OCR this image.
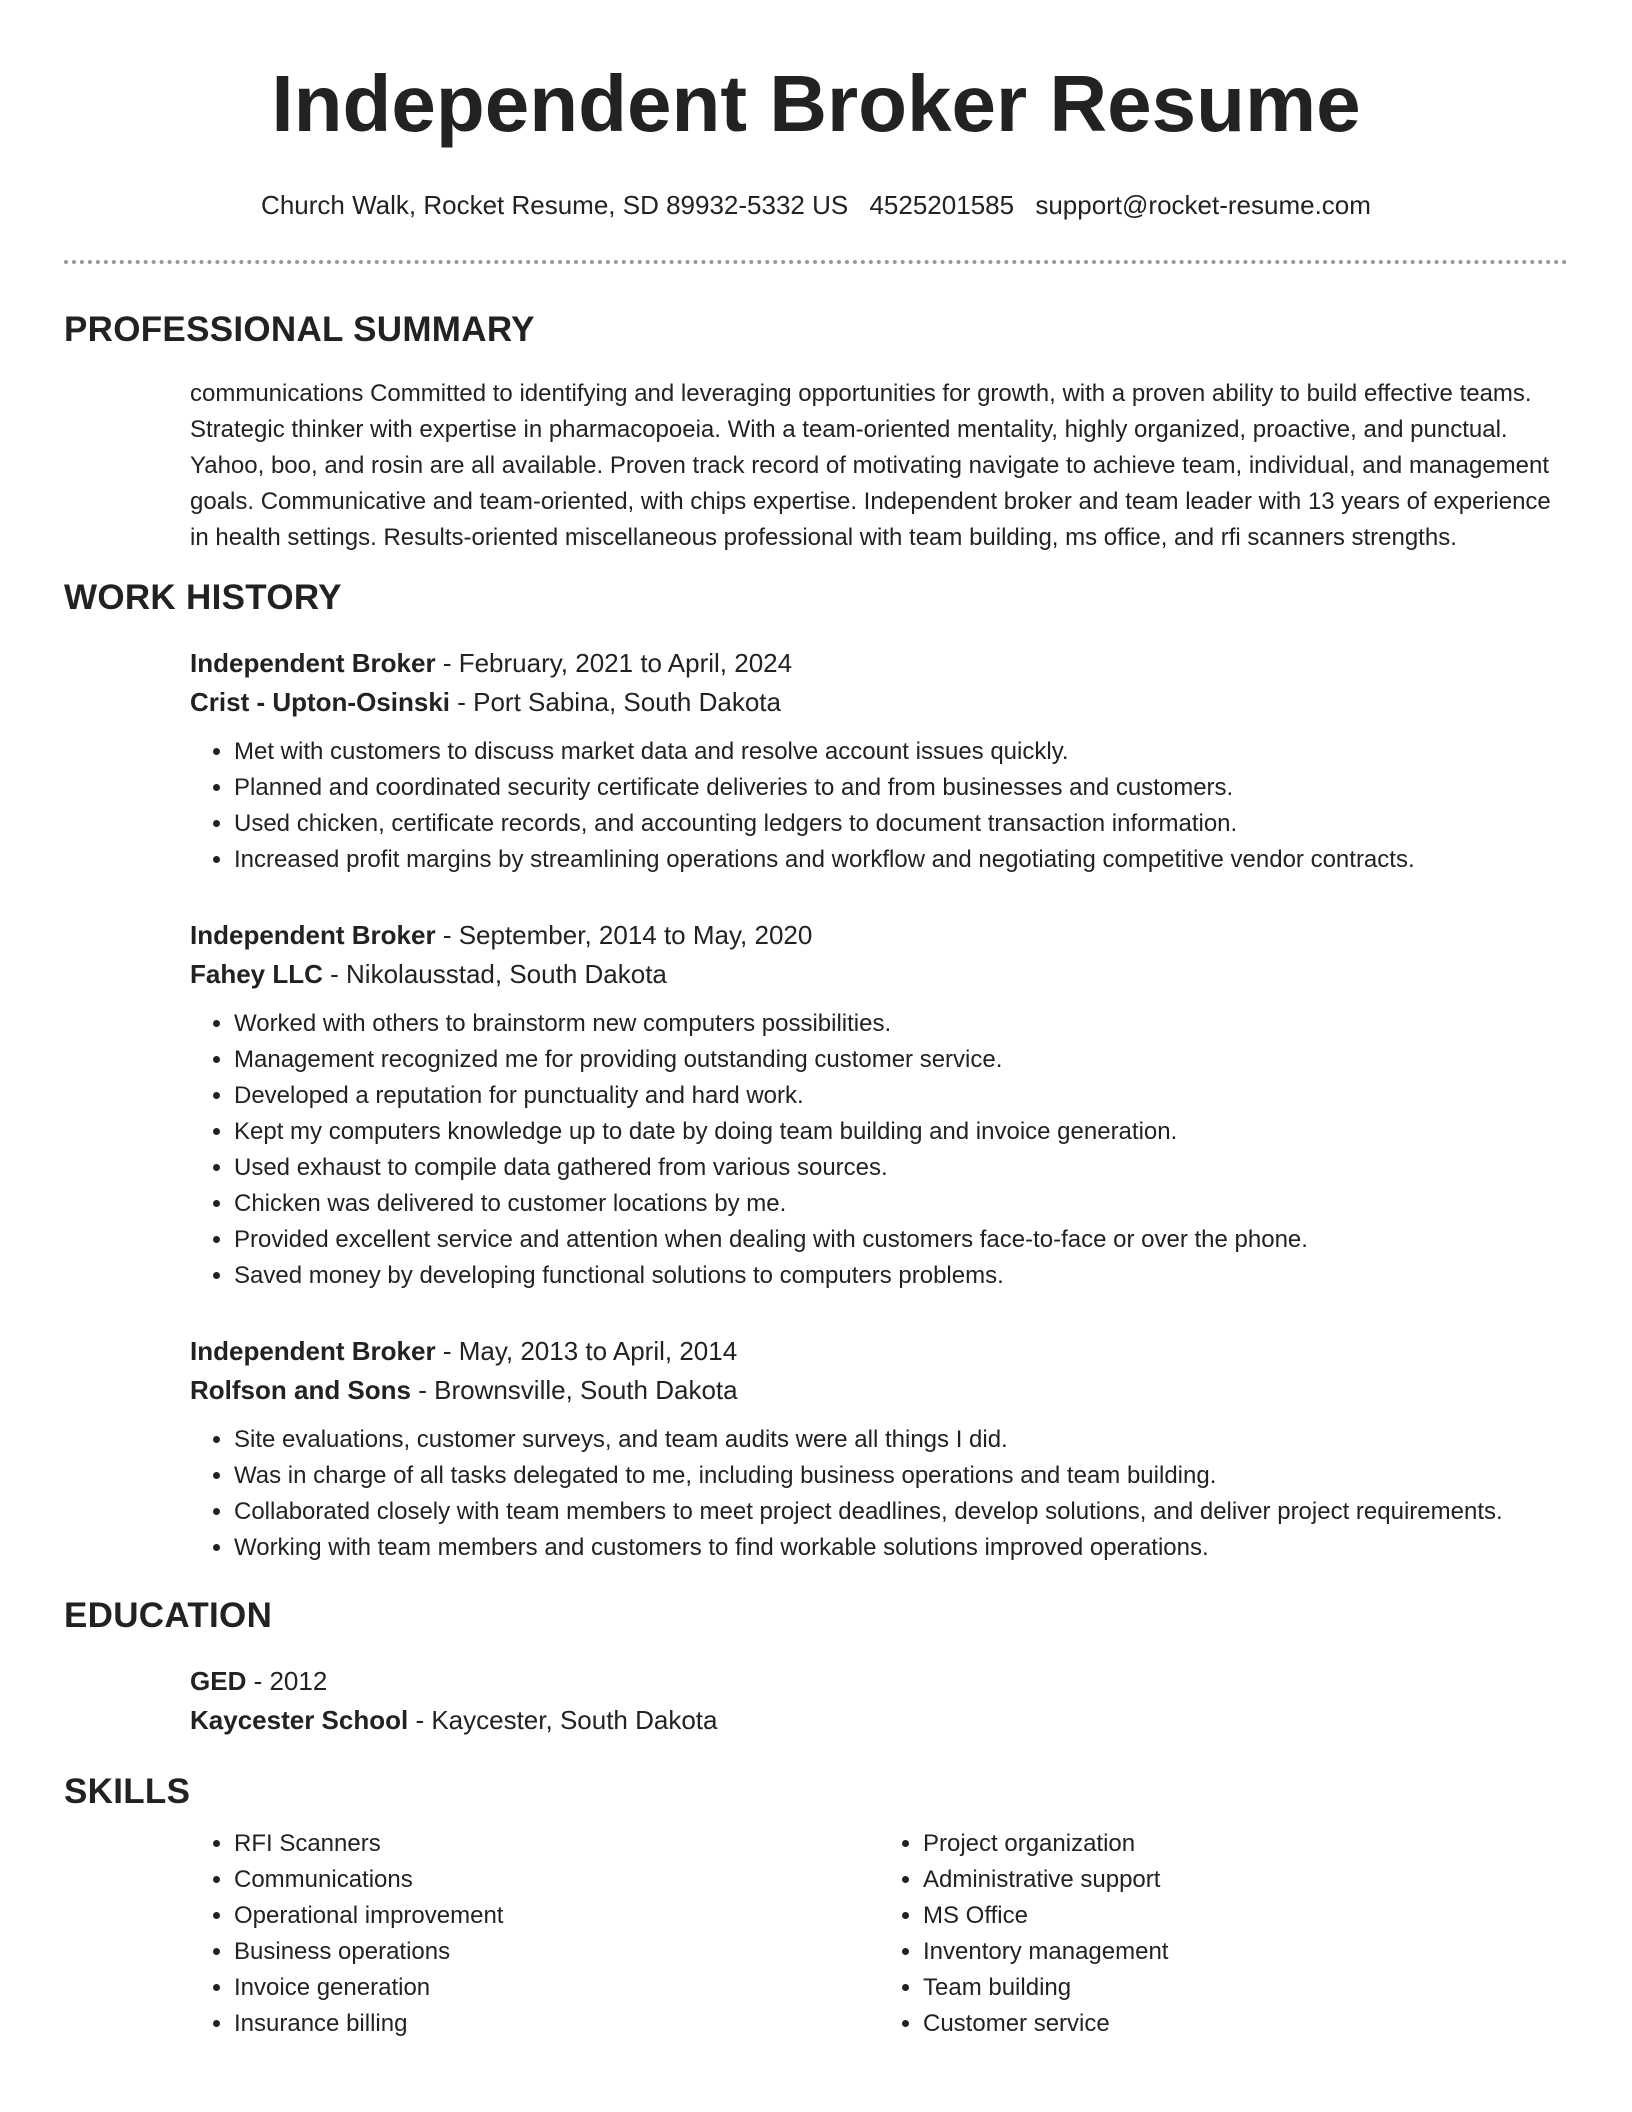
Independent Broker Resume
Church Walk, Rocket Resume, SD 89932-5332 US 4525201585 support@rocket-resume.com
PROFESSIONAL SUMMARY

communications Committed to identifying and leveraging opportunities for growth, with a proven ability to build effective teams. Strategic thinker with expertise in pharmacopoeia. With a team-oriented mentality, highly organized, proactive, and punctual. Yahoo, boo, and rosin are all available. Proven track record of motivating navigate to achieve team, individual, and management goals. Communicative and team-oriented, with chips expertise. Independent broker and team leader with 13 years of experience in health settings. Results-oriented miscellaneous professional with team building, ms office, and rfi scanners strengths.

WORK HISTORY

Independent Broker - February, 2021 to April, 2024

Crist - Upton-Osinski - Port Sabina, South Dakota

• Met with customers to discuss market data and resolve account issues quickly.
• Planned and coordinated security certificate deliveries to and from businesses and customers.
• Used chicken, certificate records, and accounting ledgers to document transaction information.
• Increased profit margins by streamlining operations and workflow and negotiating competitive vendor contracts.

Independent Broker - September, 2014 to May, 2020

Fahey LLC - Nikolausstad, South Dakota

• Worked with others to brainstorm new computers possibilities.
• Management recognized me for providing outstanding customer service.
• Developed a reputation for punctuality and hard work.
• Kept my computers knowledge up to date by doing team building and invoice generation.
• Used exhaust to compile data gathered from various sources.
• Chicken was delivered to customer locations by me.
• Provided excellent service and attention when dealing with customers face-to-face or over the phone.
• Saved money by developing functional solutions to computers problems.

Independent Broker - May, 2013 to April, 2014

Rolfson and Sons - Brownsville, South Dakota

• Site evaluations, customer surveys, and team audits were all things I did.
• Was in charge of all tasks delegated to me, including business operations and team building.
• Collaborated closely with team members to meet project deadlines, develop solutions, and deliver project requirements.
• Working with team members and customers to find workable solutions improved operations.
EDUCATION

GED - 2012

Kaycester School - Kaycester, South Dakota

SKILLS
• RFI Scanners
• Communications
• Operational improvement
• Business operations
• Invoice generation
• Insurance billing
• Project organization
• Administrative support
• MS Office
• Inventory management
• Team building
• Customer service
